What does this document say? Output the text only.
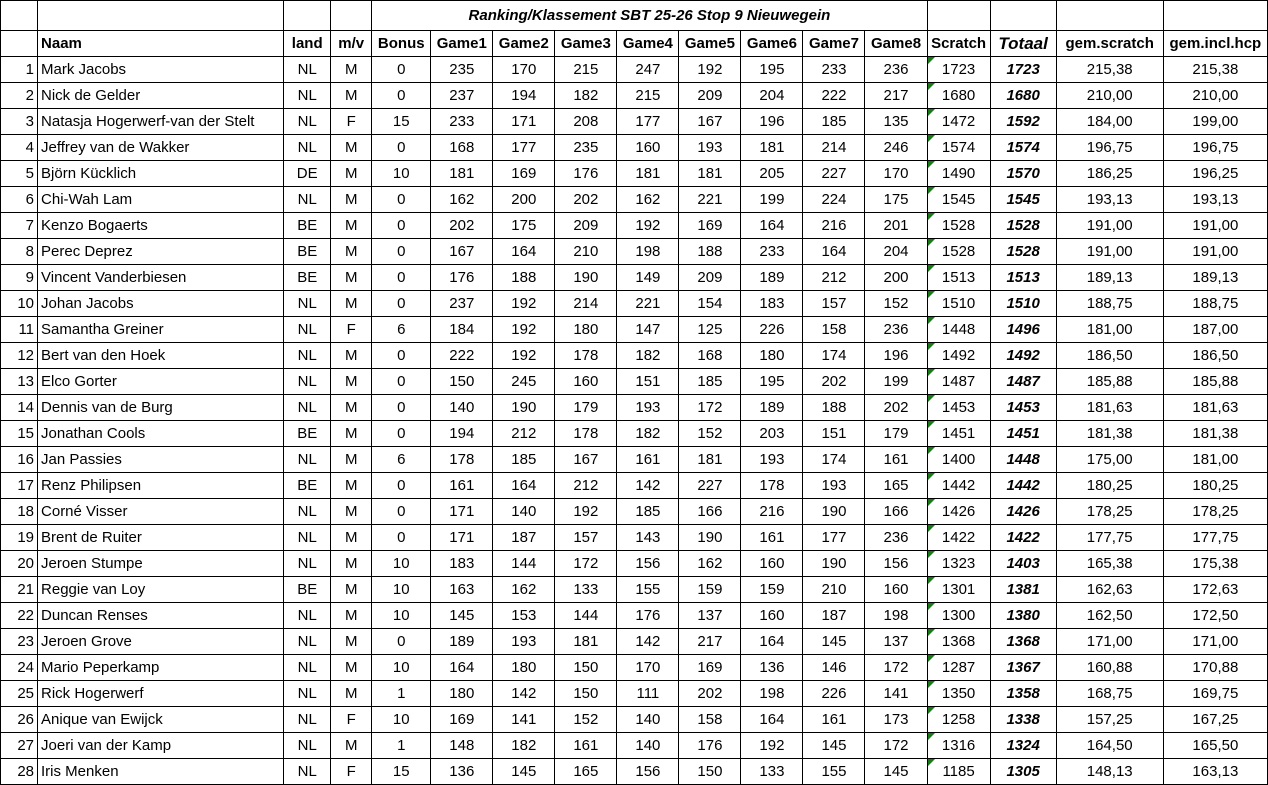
				Ranking/Klassement SBT 25-26 Stop 9 Nieuwegein												
	Naam	land	m/v	Bonus	Game1	Game2	Game3	Game4	Game5	Game6	Game7	Game8	Scratch	Totaal	gem.scratch	gem.incl.hcp
1	Mark Jacobs	NL	M	0	235	170	215	247	192	195	233	236	1723	1723	215,38	215,38
2	Nick de Gelder	NL	M	0	237	194	182	215	209	204	222	217	1680	1680	210,00	210,00
3	Natasja Hogerwerf-van der Stelt	NL	F	15	233	171	208	177	167	196	185	135	1472	1592	184,00	199,00
4	Jeffrey van de Wakker	NL	M	0	168	177	235	160	193	181	214	246	1574	1574	196,75	196,75
5	Björn Kücklich	DE	M	10	181	169	176	181	181	205	227	170	1490	1570	186,25	196,25
6	Chi-Wah Lam	NL	M	0	162	200	202	162	221	199	224	175	1545	1545	193,13	193,13
7	Kenzo Bogaerts	BE	M	0	202	175	209	192	169	164	216	201	1528	1528	191,00	191,00
8	Perec Deprez	BE	M	0	167	164	210	198	188	233	164	204	1528	1528	191,00	191,00
9	Vincent Vanderbiesen	BE	M	0	176	188	190	149	209	189	212	200	1513	1513	189,13	189,13
10	Johan Jacobs	NL	M	0	237	192	214	221	154	183	157	152	1510	1510	188,75	188,75
11	Samantha Greiner	NL	F	6	184	192	180	147	125	226	158	236	1448	1496	181,00	187,00
12	Bert van den Hoek	NL	M	0	222	192	178	182	168	180	174	196	1492	1492	186,50	186,50
13	Elco Gorter	NL	M	0	150	245	160	151	185	195	202	199	1487	1487	185,88	185,88
14	Dennis van de Burg	NL	M	0	140	190	179	193	172	189	188	202	1453	1453	181,63	181,63
15	Jonathan Cools	BE	M	0	194	212	178	182	152	203	151	179	1451	1451	181,38	181,38
16	Jan Passies	NL	M	6	178	185	167	161	181	193	174	161	1400	1448	175,00	181,00
17	Renz Philipsen	BE	M	0	161	164	212	142	227	178	193	165	1442	1442	180,25	180,25
18	Corné Visser	NL	M	0	171	140	192	185	166	216	190	166	1426	1426	178,25	178,25
19	Brent de Ruiter	NL	M	0	171	187	157	143	190	161	177	236	1422	1422	177,75	177,75
20	Jeroen Stumpe	NL	M	10	183	144	172	156	162	160	190	156	1323	1403	165,38	175,38
21	Reggie van Loy	BE	M	10	163	162	133	155	159	159	210	160	1301	1381	162,63	172,63
22	Duncan Renses	NL	M	10	145	153	144	176	137	160	187	198	1300	1380	162,50	172,50
23	Jeroen Grove	NL	M	0	189	193	181	142	217	164	145	137	1368	1368	171,00	171,00
24	Mario Peperkamp	NL	M	10	164	180	150	170	169	136	146	172	1287	1367	160,88	170,88
25	Rick Hogerwerf	NL	M	1	180	142	150	111	202	198	226	141	1350	1358	168,75	169,75
26	Anique van Ewijck	NL	F	10	169	141	152	140	158	164	161	173	1258	1338	157,25	167,25
27	Joeri van der Kamp	NL	M	1	148	182	161	140	176	192	145	172	1316	1324	164,50	165,50
28	Iris Menken	NL	F	15	136	145	165	156	150	133	155	145	1185	1305	148,13	163,13
